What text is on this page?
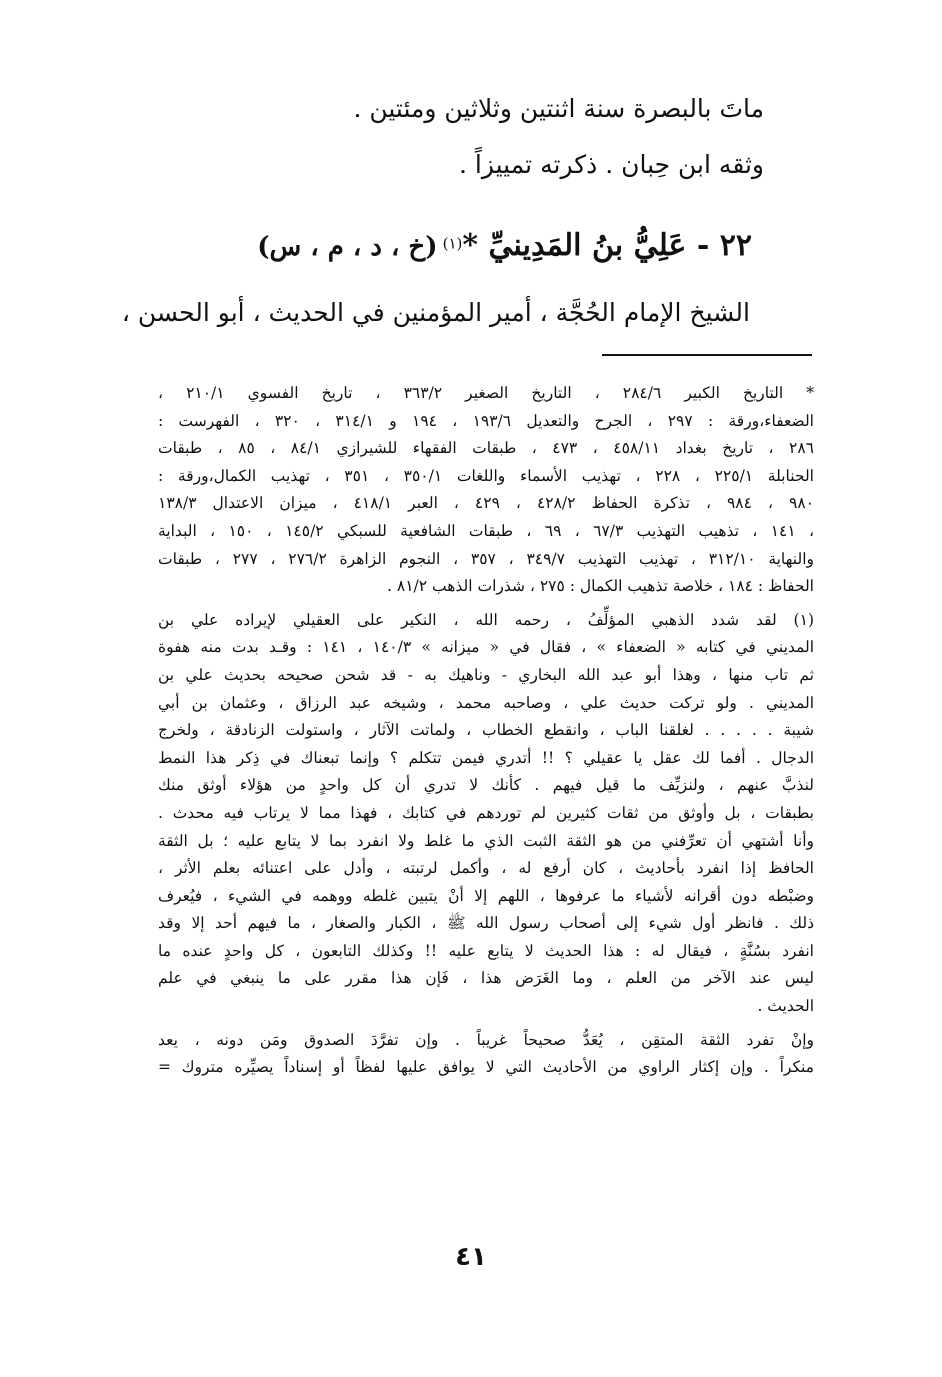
ماتَ بالبصرة سنة اثنتين وثلاثين ومئتين .
وثقه ابن حِبان . ذكرته تمييزاً .
٢٢ - عَلِيُّ بنُ المَدِينيِّ *(١) (خ ، د ، م ، س)
الشيخ الإمام الحُجَّة ، أمير المؤمنين في الحديث ، أبو الحسن ،
* التاريخ الكبير ٢٨٤/٦ ، التاريخ الصغير ٣٦٣/٢ ، تاريخ الفسوي ٢١٠/١ ،
الضعفاء،ورقة : ٢٩٧ ، الجرح والتعديل ١٩٣/٦ ، ١٩٤ و ٣١٤/١ ، ٣٢٠ ، الفهرست :
٢٨٦ ، تاريخ بغداد ٤٥٨/١١ ، ٤٧٣ ، طبقات الفقهاء للشيرازي ٨٤/١ ، ٨٥ ، طبقات
الحنابلة ٢٢٥/١ ، ٢٢٨ ، تهذيب الأسماء واللغات ٣٥٠/١ ، ٣٥١ ، تهذيب الكمال،ورقة :
٩٨٠ ، ٩٨٤ ، تذكرة الحفاظ ٤٢٨/٢ ، ٤٢٩ ، العبر ٤١٨/١ ، ميزان الاعتدال ١٣٨/٣
، ١٤١ ، تذهيب التهذيب ٦٧/٣ ، ٦٩ ، طبقات الشافعية للسبكي ١٤٥/٢ ، ١٥٠ ، البداية
والنهاية ٣١٢/١٠ ، تهذيب التهذيب ٣٤٩/٧ ، ٣٥٧ ، النجوم الزاهرة ٢٧٦/٢ ، ٢٧٧ ، طبقات
الحفاظ : ١٨٤ ، خلاصة تذهيب الكمال : ٢٧٥ ، شذرات الذهب ٨١/٢ .
(١) لقد شدد الذهبي المؤلِّفُ ، رحمه الله ، النكير على العقيلي لإيراده علي بن
المديني في كتابه « الضعفاء » ، فقال في « ميزانه » ١٤٠/٣ ، ١٤١ : وقـد بدت منه هفوة
ثم تاب منها ، وهذا أبو عبد الله البخاري - وناهيك به - قد شحن صحيحه بحديث علي بن
المديني . ولو تركت حديث علي ، وصاحبه محمد ، وشيخه عبد الرزاق ، وعثمان بن أبي
شيبة . . . . . لغلقنا الباب ، وانقطع الخطاب ، ولماتت الآثار ، واستولت الزنادقة ، ولخرج
الدجال . أفما لك عقل يا عقيلي ؟ !! أتدري فيمن تتكلم ؟ وإنما تبعناك في ذِكر هذا النمط
لنذبَّ عنهم ، ولنزيِّف ما قيل فيهم . كأنك لا تدري أن كل واحدٍ من هؤلاء أوثق منك
بطبقات ، بل وأوثق من ثقات كثيرين لم توردهم في كتابك ، فهذا مما لا يرتاب فيه محدث .
وأنا أشتهي أن تعرِّفني من هو الثقة الثبت الذي ما غلط ولا انفرد بما لا يتابع عليه ؛ بل الثقة
الحافظ إذا انفرد بأحاديث ، كان أرفع له ، وأكمل لرتبته ، وأدل على اعتنائه بعلم الأثر ،
وضبْطه دون أقرانه لأشياء ما عرفوها ، اللهم إلا أنْ يتبين غلطه ووهمه في الشيء ، فيُعرف
ذلك . فانظر أول شيء إلى أصحاب رسول الله ﷺ ، الكبار والصغار ، ما فيهم أحد إلا وقد
انفرد بسُنَّةٍ ، فيقال له : هذا الحديث لا يتابع عليه !! وكذلك التابعون ، كل واحدٍ عنده ما
ليس عند الآخر من العلم ، وما الغَرَض هذا ، فَإن هذا مقرر على ما ينبغي في علم
الحديث .
وإنْ تفرد الثقة المتقِن ، يُعَدُّ صحيحاً غريباً . وإن تفرَّدَ الصدوق ومَن دونه ، يعد
منكراً . وإن إكثار الراوي من الأحاديث التي لا يوافق عليها لفظاً أو إسناداً يصيِّره متروك =
٤١
